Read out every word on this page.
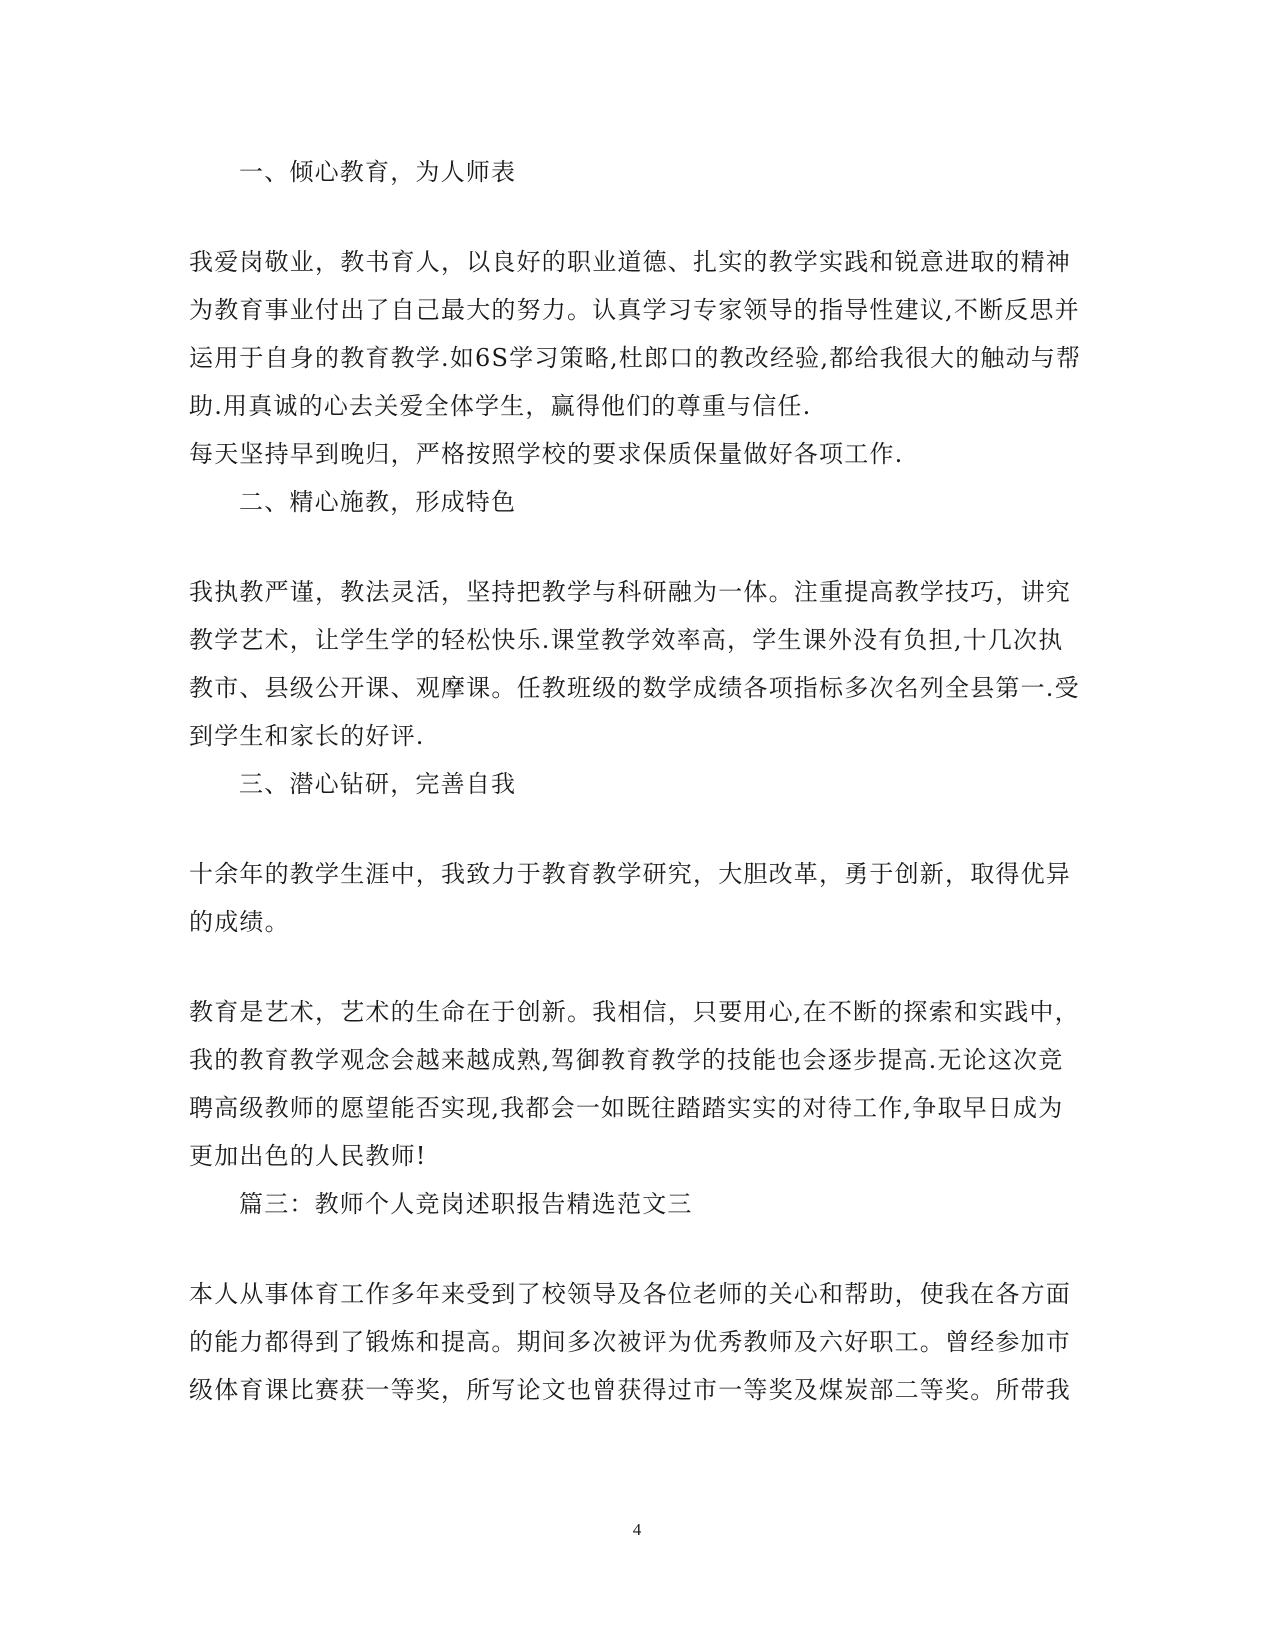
一、倾心教育，为人师表
我爱岗敬业，教书育人，以良好的职业道德、扎实的教学实践和锐意进取的精神
为教育事业付出了自己最大的努力。认真学习专家领导的指导性建议,不断反思并
运用于自身的教育教学.如6S学习策略,杜郎口的教改经验,都给我很大的触动与帮
助.用真诚的心去关爱全体学生，赢得他们的尊重与信任.
每天坚持早到晚归，严格按照学校的要求保质保量做好各项工作.
二、精心施教，形成特色
我执教严谨，教法灵活，坚持把教学与科研融为一体。注重提高教学技巧，讲究
教学艺术，让学生学的轻松快乐.课堂教学效率高，学生课外没有负担,十几次执
教市、县级公开课、观摩课。任教班级的数学成绩各项指标多次名列全县第一.受
到学生和家长的好评.
三、潜心钻研，完善自我
十余年的教学生涯中，我致力于教育教学研究，大胆改革，勇于创新，取得优异
的成绩。
教育是艺术，艺术的生命在于创新。我相信，只要用心,在不断的探索和实践中，
我的教育教学观念会越来越成熟,驾御教育教学的技能也会逐步提高.无论这次竞
聘高级教师的愿望能否实现,我都会一如既往踏踏实实的对待工作,争取早日成为
更加出色的人民教师!
篇三：教师个人竞岗述职报告精选范文三
本人从事体育工作多年来受到了校领导及各位老师的关心和帮助，使我在各方面
的能力都得到了锻炼和提高。期间多次被评为优秀教师及六好职工。曾经参加市
级体育课比赛获一等奖，所写论文也曾获得过市一等奖及煤炭部二等奖。所带我
4
